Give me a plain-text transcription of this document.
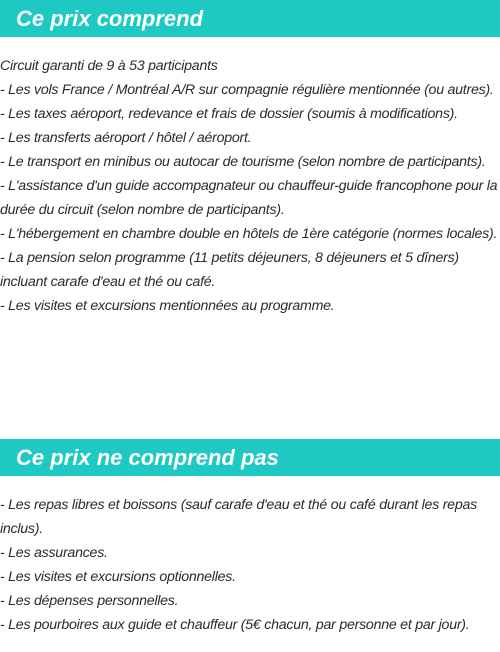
Ce prix comprend
Circuit garanti de 9 à 53 participants
- Les vols France / Montréal A/R sur compagnie régulière mentionnée (ou autres).
- Les taxes aéroport, redevance et frais de dossier (soumis à modifications).
- Les transferts aéroport / hôtel / aéroport.
- Le transport en minibus ou autocar de tourisme (selon nombre de participants).
- L'assistance d'un guide accompagnateur ou chauffeur-guide francophone pour la durée du circuit (selon nombre de participants).
- L'hébergement en chambre double en hôtels de 1ère catégorie (normes locales).
- La pension selon programme (11 petits déjeuners, 8 déjeuners et 5 dîners) incluant carafe d'eau et thé ou café.
- Les visites et excursions mentionnées au programme.
Ce prix ne comprend pas
- Les repas libres et boissons (sauf carafe d'eau et thé ou café durant les repas inclus).
- Les assurances.
- Les visites et excursions optionnelles.
- Les dépenses personnelles.
- Les pourboires aux guide et chauffeur (5€ chacun, par personne et par jour).
